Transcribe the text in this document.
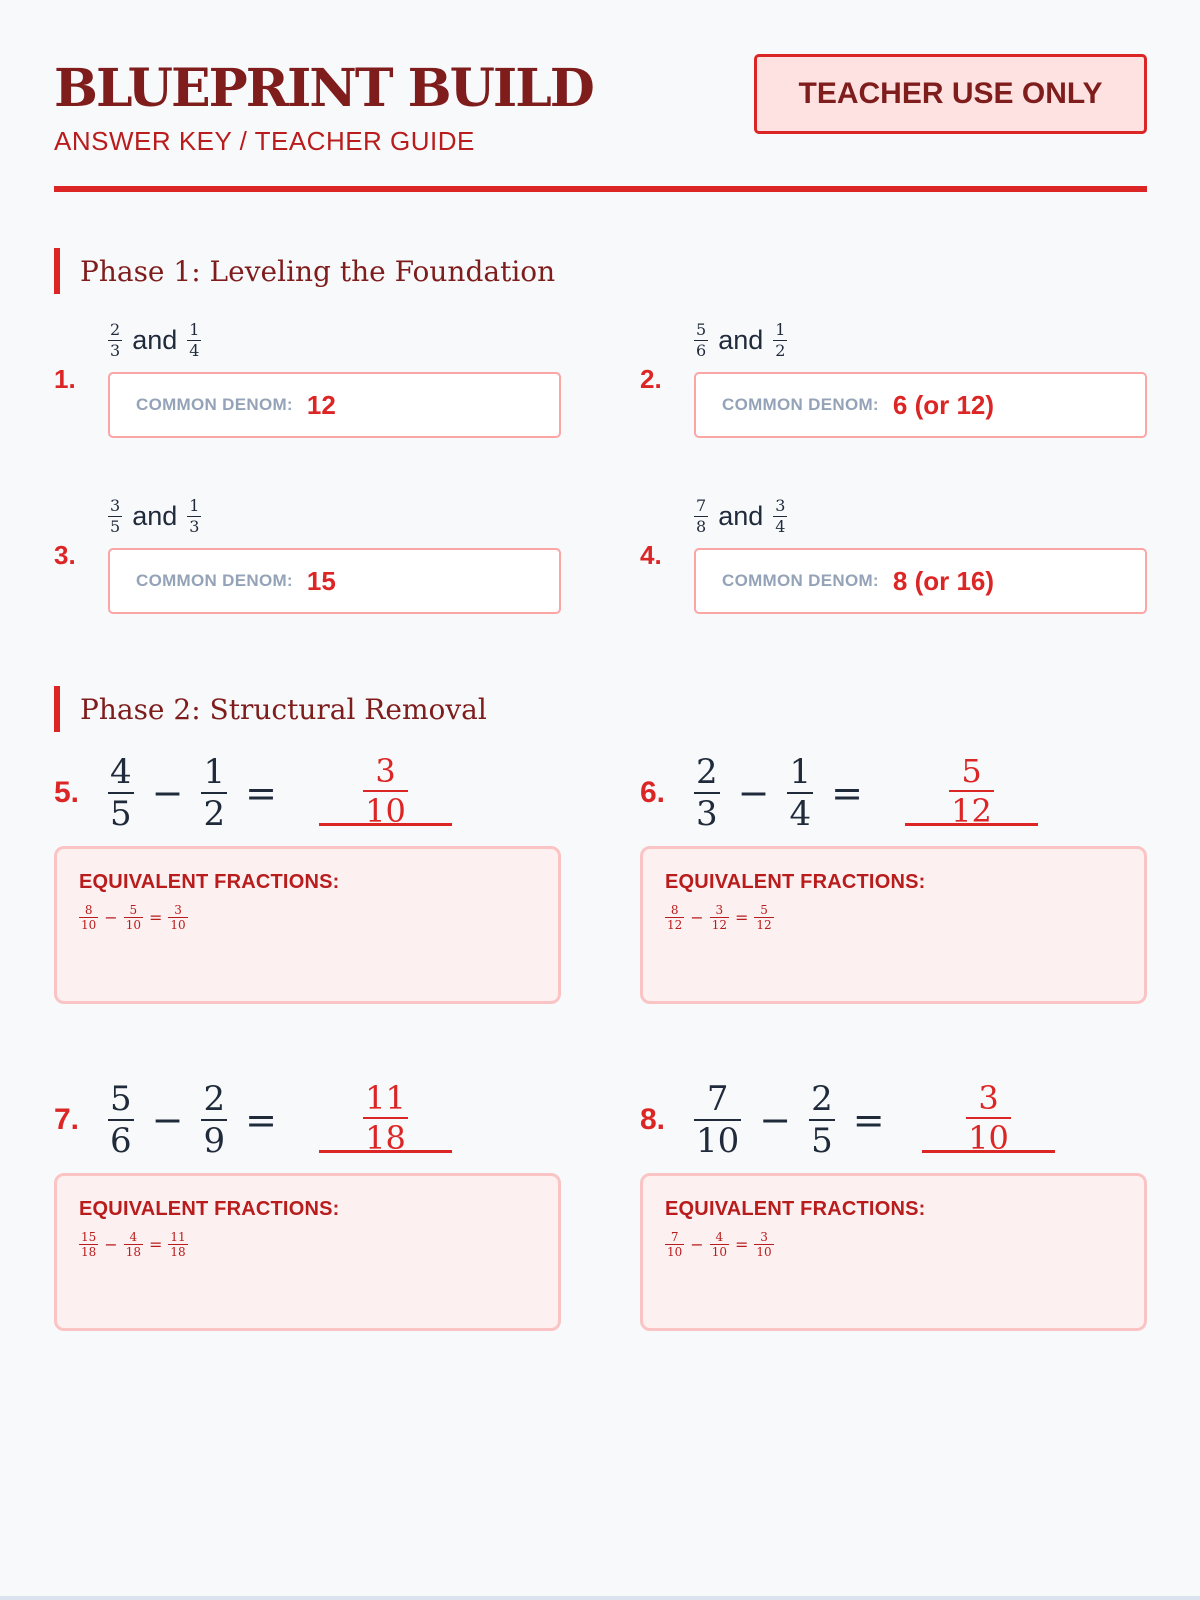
BLUEPRINT BUILD
ANSWER KEY / TEACHER GUIDE
TEACHER USE ONLY
Phase 1: Leveling the Foundation
1.
$\frac{2}{3}$ and $\frac{1}{4}$
COMMON DENOM: 12
2.
$\frac{5}{6}$ and $\frac{1}{2}$
COMMON DENOM: 6 (or 12)
3.
$\frac{3}{5}$ and $\frac{1}{3}$
COMMON DENOM: 15
4.
$\frac{7}{8}$ and $\frac{3}{4}$
COMMON DENOM: 8 (or 16)
Phase 2: Structural Removal
5. $\frac{4}{5} - \frac{1}{2}$ =	$\frac{3}{10}$
EQUIVALENT FRACTIONS:
$\frac{8}{10} - \frac{5}{10} = \frac{3}{10}$
6. $\frac{2}{3} - \frac{1}{4}$ =	$\frac{5}{12}$
EQUIVALENT FRACTIONS:
$\frac{8}{12} - \frac{3}{12} = \frac{5}{12}$
7. $\frac{5}{6} - \frac{2}{9}$ =	$\frac{11}{18}$
EQUIVALENT FRACTIONS:
$\frac{15}{18} - \frac{4}{18} = \frac{11}{18}$
8. $\frac{7}{10} - \frac{2}{5}$ =	$\frac{3}{10}$
EQUIVALENT FRACTIONS:
$\frac{7}{10} - \frac{4}{10} = \frac{3}{10}$
